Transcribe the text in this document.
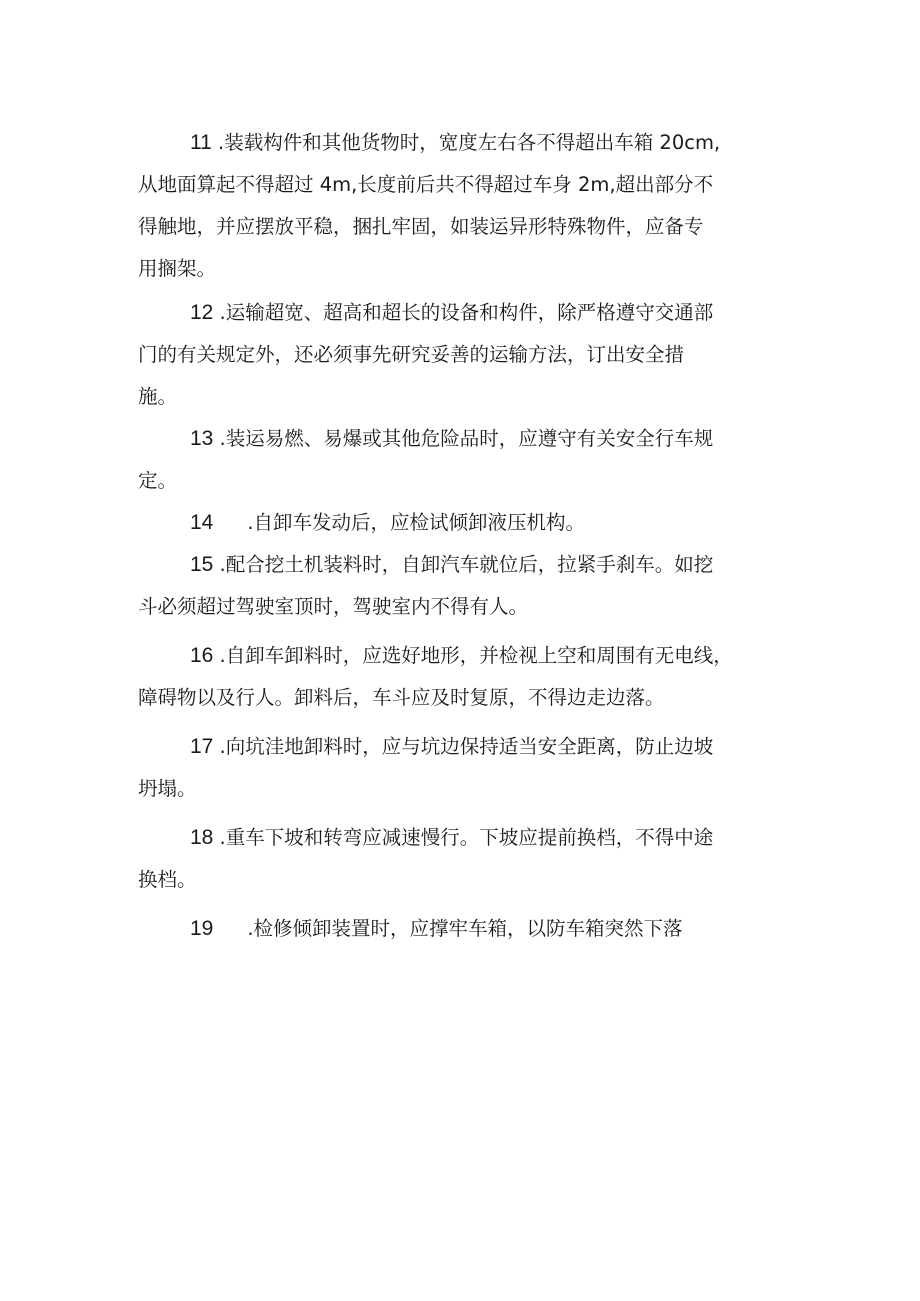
11 .装载构件和其他货物时，宽度左右各不得超出车箱 20cm,
从地面算起不得超过 4m,长度前后共不得超过车身 2m,超出部分不
得触地，并应摆放平稳，捆扎牢固，如装运异形特殊物件，应备专
用搁架。
12 .运输超宽、超高和超长的设备和构件，除严格遵守交通部
门的有关规定外，还必须事先研究妥善的运输方法，订出安全措
施。
13 .装运易燃、易爆或其他危险品时，应遵守有关安全行车规
定。
14 .自卸车发动后，应检试倾卸液压机构。
15 .配合挖土机装料时，自卸汽车就位后，拉紧手刹车。如挖
斗必须超过驾驶室顶时，驾驶室内不得有人。
16 .自卸车卸料时，应选好地形，并检视上空和周围有无电线，
障碍物以及行人。卸料后，车斗应及时复原，不得边走边落。
17 .向坑洼地卸料时，应与坑边保持适当安全距离，防止边坡
坍塌。
18 .重车下坡和转弯应减速慢行。下坡应提前换档，不得中途
换档。
19 .检修倾卸装置时，应撑牢车箱，以防车箱突然下落
